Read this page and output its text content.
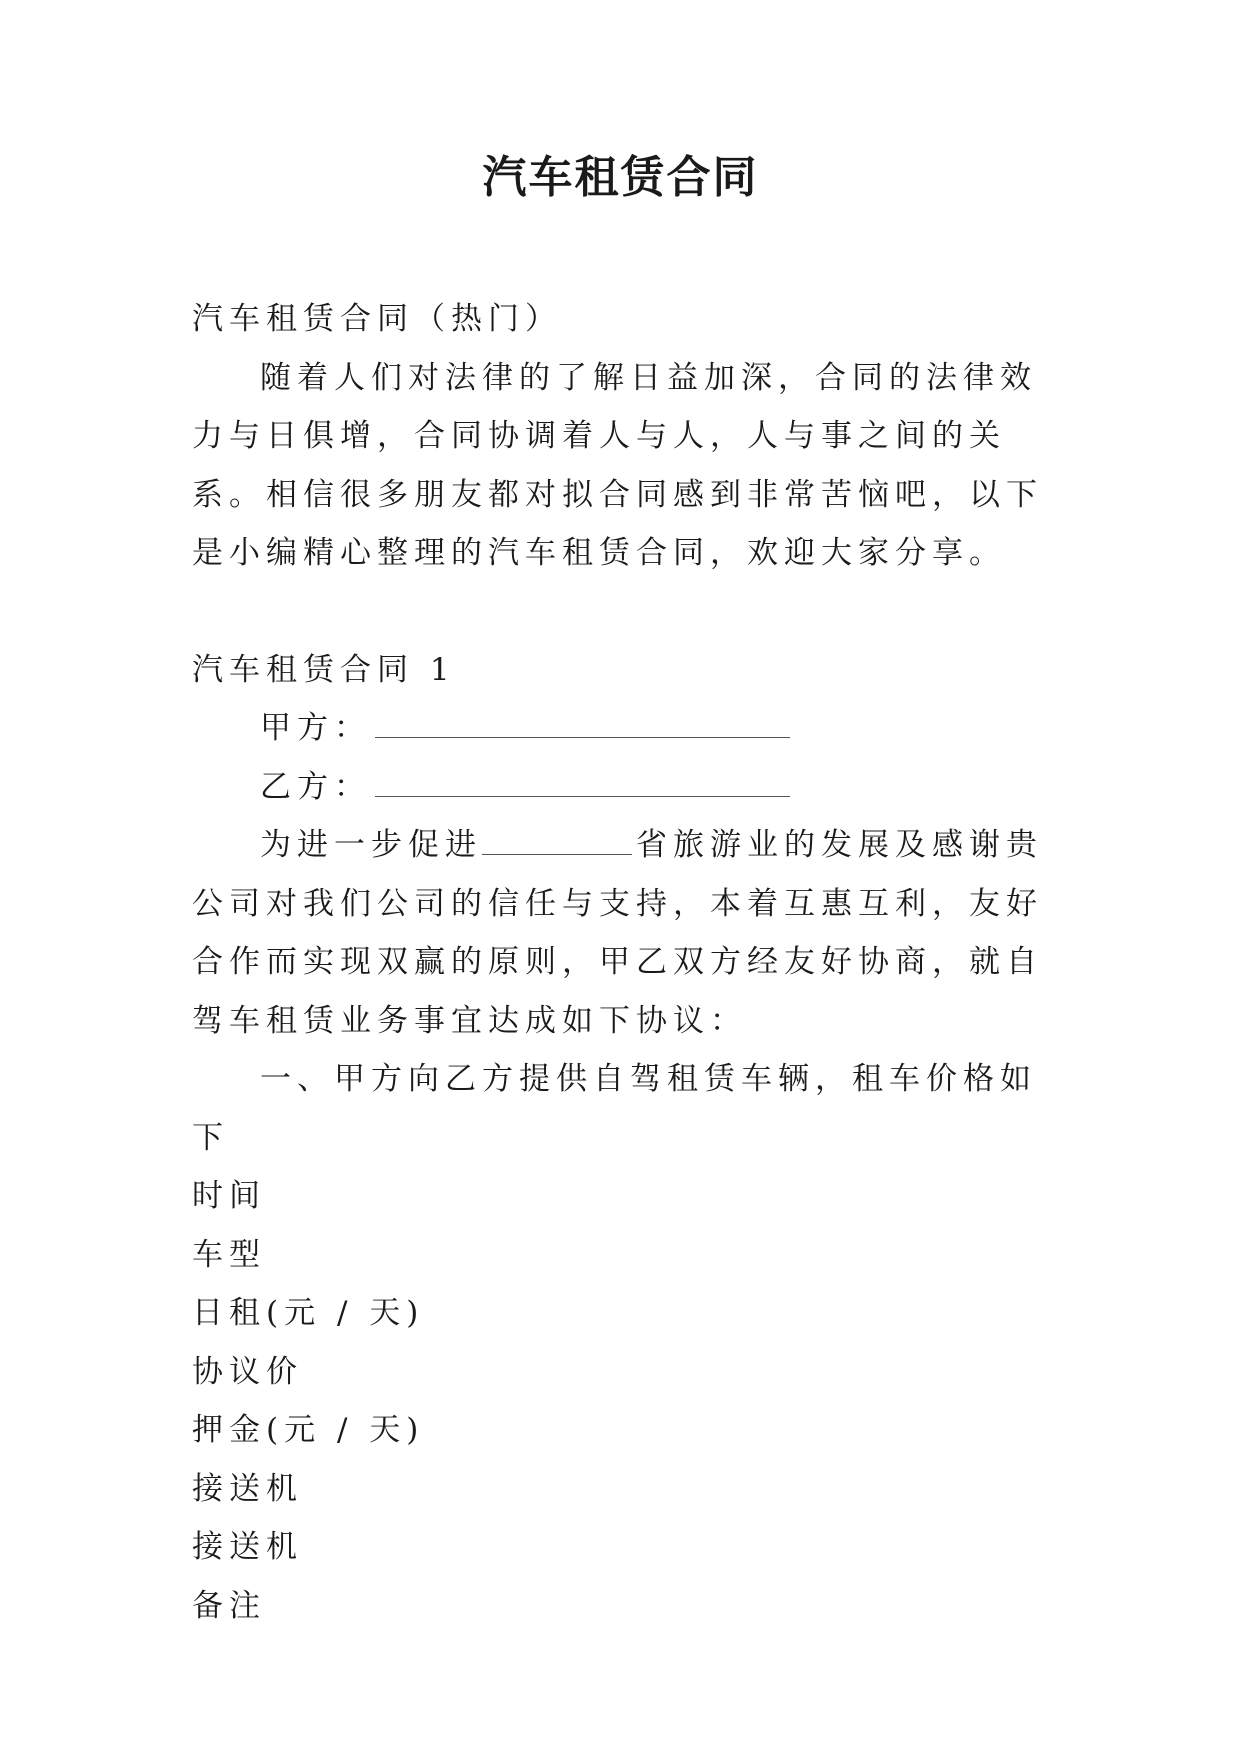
汽车租赁合同

汽车租赁合同（热门）

随着人们对法律的了解日益加深，合同的法律效力与日俱增，合同协调着人与人，人与事之间的关系。相信很多朋友都对拟合同感到非常苦恼吧，以下是小编精心整理的汽车租赁合同，欢迎大家分享。

汽车租赁合同 1

甲方：

乙方：

为进一步促进	省旅游业的发展及感谢贵公司对我们公司的信任与支持，本着互惠互利，友好合作而实现双赢的原则，甲乙双方经友好协商，就自驾车租赁业务事宜达成如下协议：

一、甲方向乙方提供自驾租赁车辆，租车价格如下

时间

车型

日租(元 / 天)

协议价

押金(元 / 天)

接送机

接送机

备注
